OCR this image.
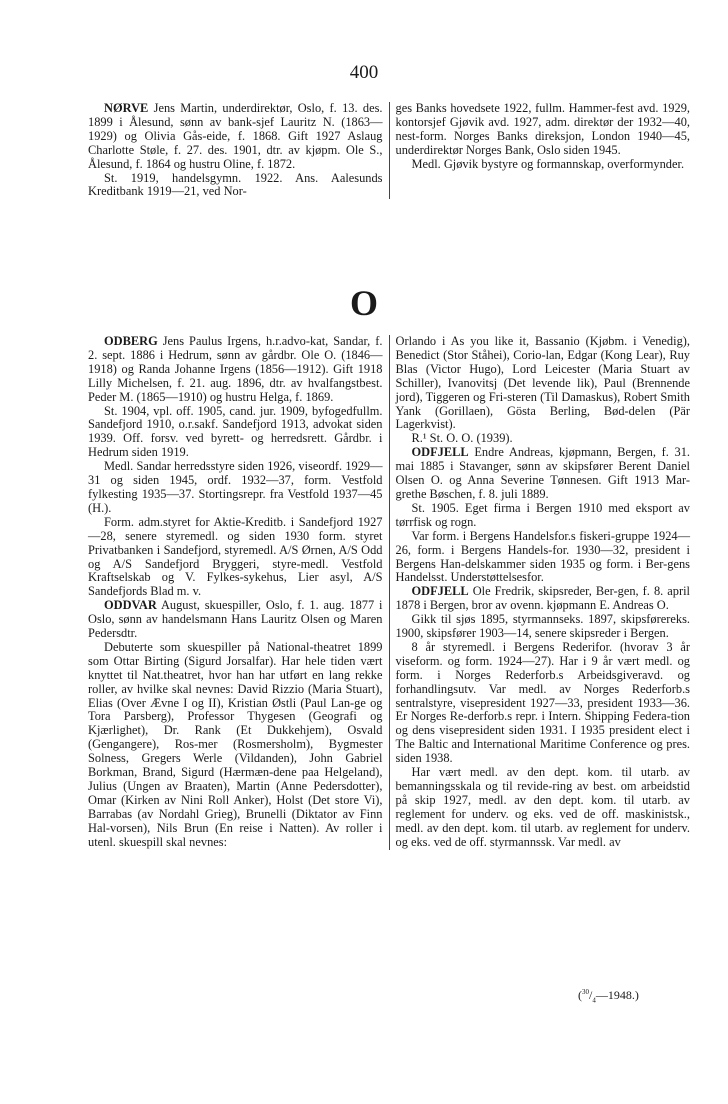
400

NØRVE Jens Martin, underdirektør, Oslo, f. 13. des. 1899 i Ålesund, sønn av bank-sjef Lauritz N. (1863—1929) og Olivia Gås-eide, f. 1868. Gift 1927 Aslaug Charlotte Støle, f. 27. des. 1901, dtr. av kjøpm. Ole S., Ålesund, f. 1864 og hustru Oline, f. 1872.

St. 1919, handelsgymn. 1922. Ans. Aalesunds Kreditbank 1919—21, ved Nor-

ges Banks hovedsete 1922, fullm. Hammer-fest avd. 1929, kontorsjef Gjøvik avd. 1927, adm. direktør der 1932—40, nest-form. Norges Banks direksjon, London 1940—45, underdirektør Norges Bank, Oslo siden 1945.

Medl. Gjøvik bystyre og formannskap, overformynder.

O

ODBERG Jens Paulus Irgens, h.r.advo-kat, Sandar, f. 2. sept. 1886 i Hedrum, sønn av gårdbr. Ole O. (1846—1918) og Randa Johanne Irgens (1856—1912). Gift 1918 Lilly Michelsen, f. 21. aug. 1896, dtr. av hvalfangstbest. Peder M. (1865—1910) og hustru Helga, f. 1869.

St. 1904, vpl. off. 1905, cand. jur. 1909, byfogedfullm. Sandefjord 1910, o.r.sakf. Sandefjord 1913, advokat siden 1939. Off. forsv. ved byrett- og herredsrett. Gårdbr. i Hedrum siden 1919.

Medl. Sandar herredsstyre siden 1926, viseordf. 1929—31 og siden 1945, ordf. 1932—37, form. Vestfold fylkesting 1935—37. Stortingsrepr. fra Vestfold 1937—45 (H.).

Form. adm.styret for Aktie-Kreditb. i Sandefjord 1927—28, senere styremedl. og siden 1930 form. styret Privatbanken i Sandefjord, styremedl. A/S Ørnen, A/S Odd og A/S Sandefjord Bryggeri, styre-medl. Vestfold Kraftselskab og V. Fylkes-sykehus, Lier asyl, A/S Sandefjords Blad m. v.

ODDVAR August, skuespiller, Oslo, f. 1. aug. 1877 i Oslo, sønn av handelsmann Hans Lauritz Olsen og Maren Pedersdtr.

Debuterte som skuespiller på National-theatret 1899 som Ottar Birting (Sigurd Jorsalfar). Har hele tiden vært knyttet til Nat.theatret, hvor han har utført en lang rekke roller, av hvilke skal nevnes: David Rizzio (Maria Stuart), Elias (Over Ævne I og II), Kristian Østli (Paul Lan-ge og Tora Parsberg), Professor Thygesen (Geografi og Kjærlighet), Dr. Rank (Et Dukkehjem), Osvald (Gengangere), Ros-mer (Rosmersholm), Bygmester Solness, Gregers Werle (Vildanden), John Gabriel Borkman, Brand, Sigurd (Hærmæn-dene paa Helgeland), Julius (Ungen av Braaten), Martin (Anne Pedersdotter), Omar (Kirken av Nini Roll Anker), Holst (Det store Vi), Barrabas (av Nordahl Grieg), Brunelli (Diktator av Finn Hal-vorsen), Nils Brun (En reise i Natten). Av roller i utenl. skuespill skal nevnes:

Orlando i As you like it, Bassanio (Kjøbm. i Venedig), Benedict (Stor Ståhei), Corio-lan, Edgar (Kong Lear), Ruy Blas (Victor Hugo), Lord Leicester (Maria Stuart av Schiller), Ivanovitsj (Det levende lik), Paul (Brennende jord), Tiggeren og Fri-steren (Til Damaskus), Robert Smith Yank (Gorillaen), Gösta Berling, Bød-delen (Pär Lagerkvist).

R.¹ St. O. O. (1939).

ODFJELL Endre Andreas, kjøpmann, Bergen, f. 31. mai 1885 i Stavanger, sønn av skipsfører Berent Daniel Olsen O. og Anna Severine Tønnesen. Gift 1913 Mar-grethe Bøschen, f. 8. juli 1889.

St. 1905. Eget firma i Bergen 1910 med eksport av tørrfisk og rogn.

Var form. i Bergens Handelsfor.s fiskeri-gruppe 1924—26, form. i Bergens Handels-for. 1930—32, president i Bergens Han-delskammer siden 1935 og form. i Ber-gens Handelsst. Understøttelsesfor.

ODFJELL Ole Fredrik, skipsreder, Ber-gen, f. 8. april 1878 i Bergen, bror av ovenn. kjøpmann E. Andreas O.

Gikk til sjøs 1895, styrmannseks. 1897, skipsførereks. 1900, skipsfører 1903—14, senere skipsreder i Bergen.

8 år styremedl. i Bergens Rederifor. (hvorav 3 år viseform. og form. 1924—27). Har i 9 år vært medl. og form. i Norges Rederforb.s Arbeidsgiveravd. og forhandlingsutv. Var medl. av Norges Rederforb.s sentralstyre, visepresident 1927—33, president 1933—36. Er Norges Re-derforb.s repr. i Intern. Shipping Federa-tion og dens visepresident siden 1931. I 1935 president elect i The Baltic and International Maritime Conference og pres. siden 1938.

Har vært medl. av den dept. kom. til utarb. av bemanningsskala og til revide-ring av best. om arbeidstid på skip 1927, medl. av den dept. kom. til utarb. av reglement for underv. og eks. ved de off. maskinistsk., medl. av den dept. kom. til utarb. av reglement for underv. og eks. ved de off. styrmannssk. Var medl. av

$(^{30}/_4—1948.)$
